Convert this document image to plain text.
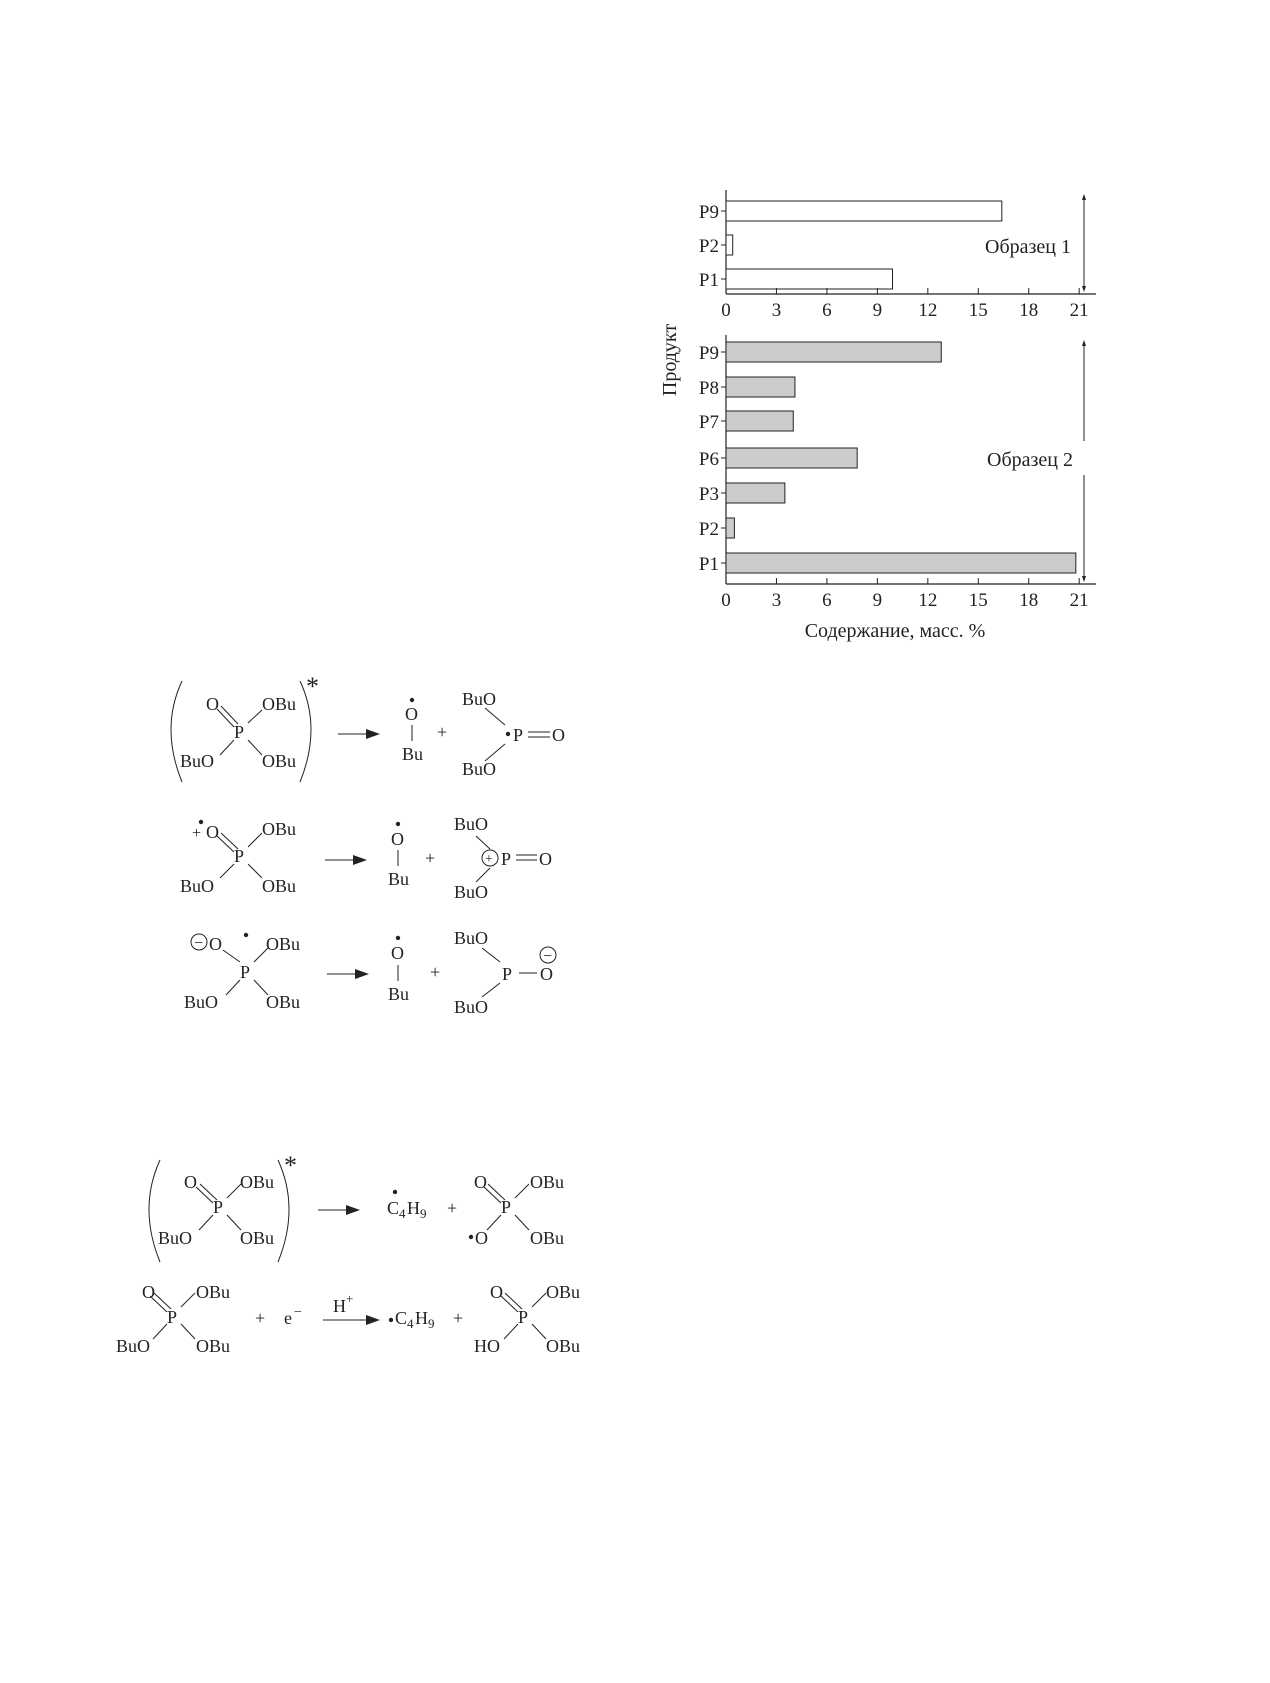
Образец 1
P9
P2
P1
0 3 6 9 12 15 18 21
Образец 2
P9
P8
P7
P6
P3
P2
P1
0 3 6 9 12 15 18 21
Продукт
Содержание, масс. %
*
O OBu
P
BuO	OBu
O
Bu
+
BuO
P O
BuO
+ O OBu
P
BuO	OBu
O
Bu
+
BuO
+ P O
BuO
− O OBu
P
BuO	OBu
O
Bu
+
BuO
P O
−
BuO
*
O OBu
P
BuO	OBu
C 4 H 9 +
O OBu
P
O OBu
O OBu
P
BuO	OBu
+ e − H +
C 4 H 9 +
O OBu
P
HO	OBu
